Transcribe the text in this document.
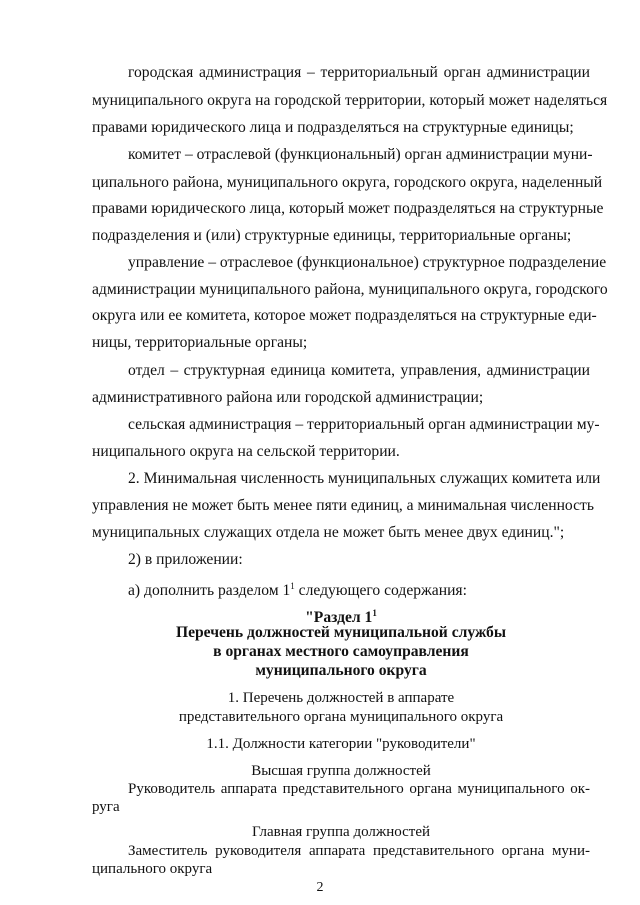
городская администрация – территориальный орган администрации
муниципального округа на городской территории, который может наделяться
правами юридического лица и подразделяться на структурные единицы;
комитет – отраслевой (функциональный) орган администрации муни-
ципального района, муниципального округа, городского округа, наделенный
правами юридического лица, который может подразделяться на структурные
подразделения и (или) структурные единицы, территориальные органы;
управление – отраслевое (функциональное) структурное подразделение
администрации муниципального района, муниципального округа, городского
округа или ее комитета, которое может подразделяться на структурные еди-
ницы, территориальные органы;
отдел – структурная единица комитета, управления, администрации
административного района или городской администрации;
сельская администрация – территориальный орган администрации му-
ниципального округа на сельской территории.
2. Минимальная численность муниципальных служащих комитета или
управления не может быть менее пяти единиц, а минимальная численность
муниципальных служащих отдела не может быть менее двух единиц.";
2) в приложении:
а) дополнить разделом $1^1$ следующего содержания:
"Раздел $1^1$
Перечень должностей муниципальной службы
в органах местного самоуправления
муниципального округа
1. Перечень должностей в аппарате
представительного органа муниципального округа
1.1. Должности категории "руководители"
Высшая группа должностей
Руководитель аппарата представительного органа муниципального ок-
руга
Главная группа должностей
Заместитель руководителя аппарата представительного органа муни-
ципального округа
2
